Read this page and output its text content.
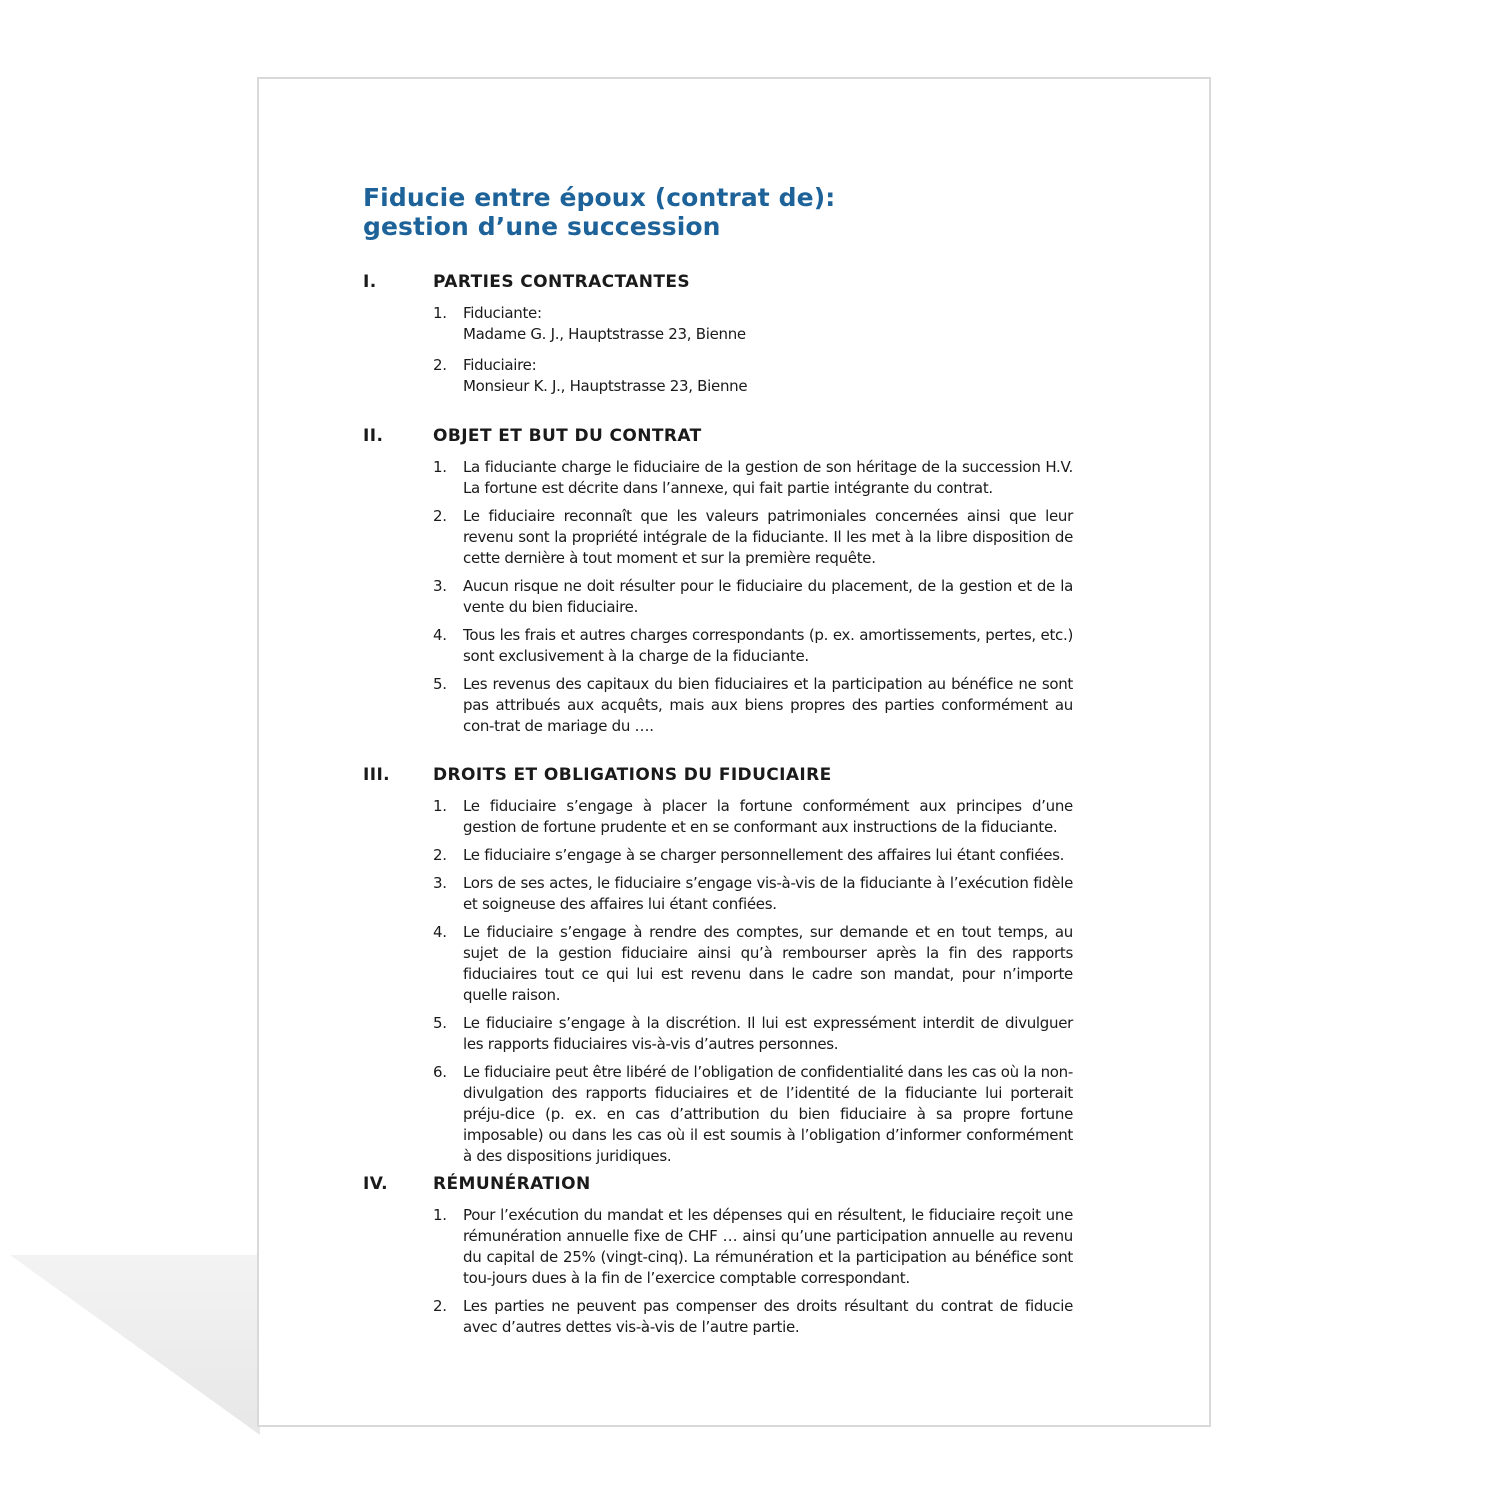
Fiducie entre époux (contrat de):
gestion d’une succession
I.	PARTIES CONTRACTANTES
1. Fiduciante:
Madame G. J., Hauptstrasse 23, Bienne
2. Fiduciaire:
Monsieur K. J., Hauptstrasse 23, Bienne
II.	OBJET ET BUT DU CONTRAT
1. La fiduciante charge le fiduciaire de la gestion de son héritage de la succession H.V. La fortune est décrite dans l’annexe, qui fait partie intégrante du contrat.
2. Le fiduciaire reconnaît que les valeurs patrimoniales concernées ainsi que leur revenu sont la propriété intégrale de la fiduciante. Il les met à la libre disposition de cette dernière à tout moment et sur la première requête.
3. Aucun risque ne doit résulter pour le fiduciaire du placement, de la gestion et de la vente du bien fiduciaire.
4. Tous les frais et autres charges correspondants (p. ex. amortissements, pertes, etc.) sont exclusivement à la charge de la fiduciante.
5. Les revenus des capitaux du bien fiduciaires et la participation au bénéfice ne sont pas attribués aux acquêts, mais aux biens propres des parties conformément au con-trat de mariage du ….
III.	DROITS ET OBLIGATIONS DU FIDUCIAIRE
1. Le fiduciaire s’engage à placer la fortune conformément aux principes d’une gestion de fortune prudente et en se conformant aux instructions de la fiduciante.
2. Le fiduciaire s’engage à se charger personnellement des affaires lui étant confiées.
3. Lors de ses actes, le fiduciaire s’engage vis-à-vis de la fiduciante à l’exécution fidèle et soigneuse des affaires lui étant confiées.
4. Le fiduciaire s’engage à rendre des comptes, sur demande et en tout temps, au sujet de la gestion fiduciaire ainsi qu’à rembourser après la fin des rapports fiduciaires tout ce qui lui est revenu dans le cadre son mandat, pour n’importe quelle raison.
5. Le fiduciaire s’engage à la discrétion. Il lui est expressément interdit de divulguer les rapports fiduciaires vis-à-vis d’autres personnes.
6. Le fiduciaire peut être libéré de l’obligation de confidentialité dans les cas où la non-divulgation des rapports fiduciaires et de l’identité de la fiduciante lui porterait préju-dice (p. ex. en cas d’attribution du bien fiduciaire à sa propre fortune imposable) ou dans les cas où il est soumis à l’obligation d’informer conformément à des dispositions juridiques.
IV.	RÉMUNÉRATION
1. Pour l’exécution du mandat et les dépenses qui en résultent, le fiduciaire reçoit une rémunération annuelle fixe de CHF … ainsi qu’une participation annuelle au revenu du capital de 25% (vingt-cinq). La rémunération et la participation au bénéfice sont tou-jours dues à la fin de l’exercice comptable correspondant.
2. Les parties ne peuvent pas compenser des droits résultant du contrat de fiducie avec d’autres dettes vis-à-vis de l’autre partie.
